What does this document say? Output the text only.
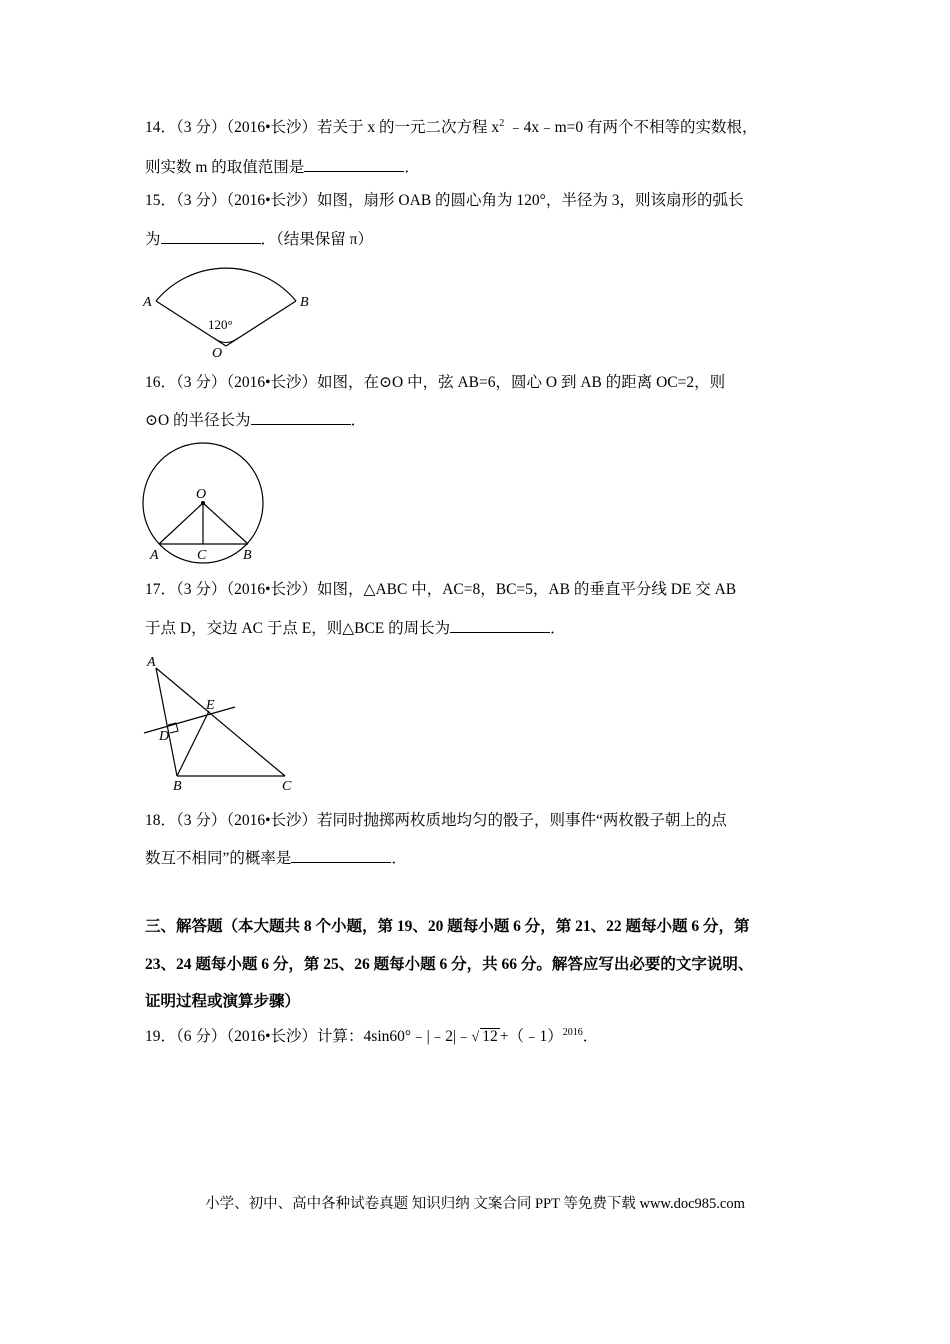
14．（3 分）（2016•长沙）若关于 x 的一元二次方程 $x^2$ ﹣4x﹣m=0 有两个不相等的实数根，
则实数 m 的取值范围是	．
15．（3 分）（2016•长沙）如图，扇形 OAB 的圆心角为 120°，半径为 3，则该扇形的弧长
为	．（结果保留 π）
A	B
O
120°
16．（3 分）（2016•长沙）如图，在⊙O 中，弦 AB=6，圆心 O 到 AB 的距离 OC=2，则
⊙O 的半径长为	．
O
A	C	B
17．（3 分）（2016•长沙）如图，△ABC 中，AC=8，BC=5，AB 的垂直平分线 DE 交 AB
于点 D，交边 AC 于点 E，则△BCE 的周长为	．
A
E
D
B	C
18．（3 分）（2016•长沙）若同时抛掷两枚质地均匀的骰子，则事件“两枚骰子朝上的点
数互不相同”的概率是	．
三、解答题（本大题共 8 个小题，第 19、20 题每小题 6 分，第 21、22 题每小题 6 分，第
23、24 题每小题 6 分，第 25、26 题每小题 6 分，共 66 分。解答应写出必要的文字说明、
证明过程或演算步骤）
19．（6 分）（2016•长沙）计算：4sin60°﹣|﹣2|﹣√ 12 +（﹣1）$^{2016}$．
小学、初中、高中各种试卷真题 知识归纳 文案合同 PPT 等免费下载 www.doc985.com
